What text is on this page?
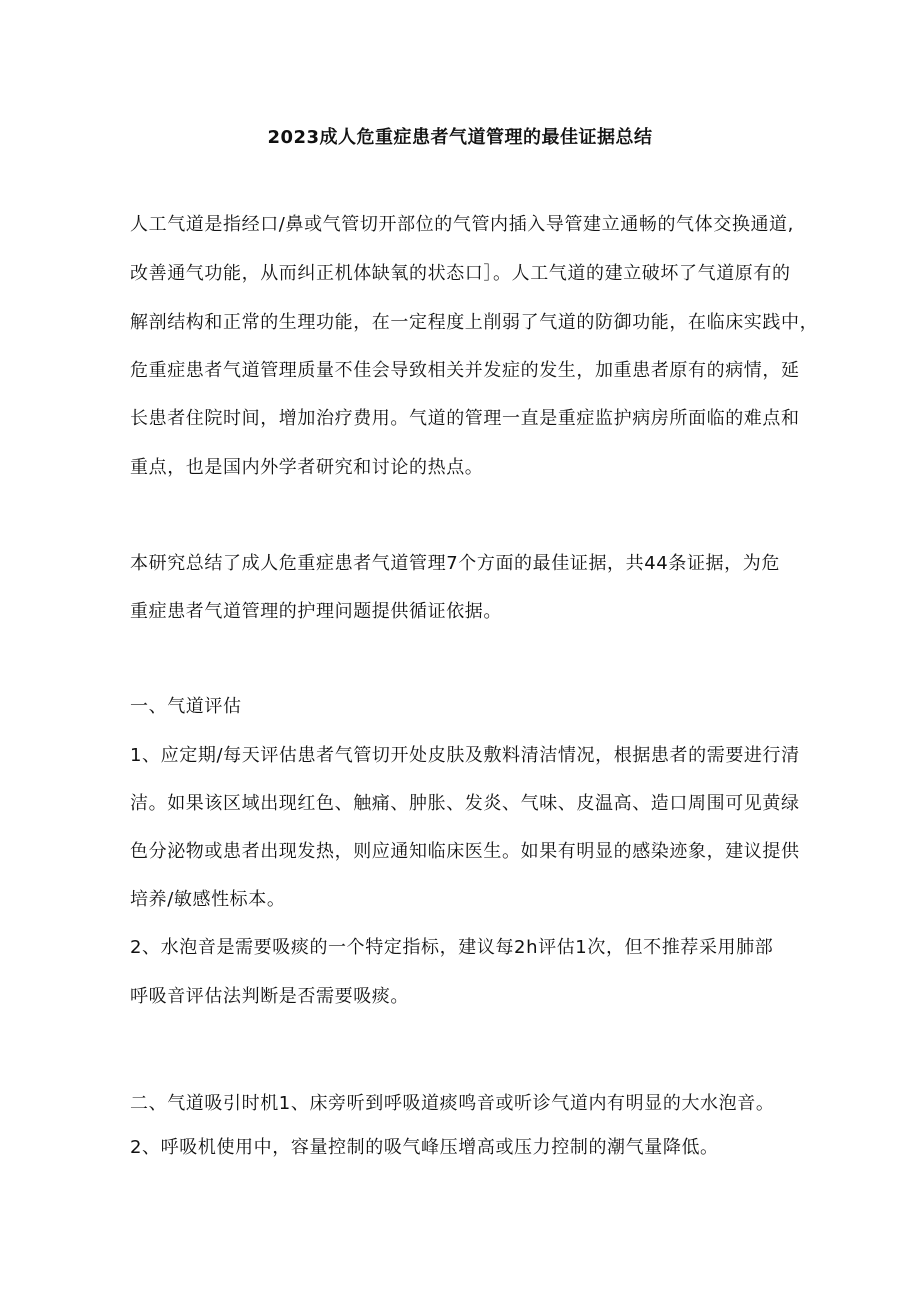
2023成人危重症患者气道管理的最佳证据总结
人工气道是指经口/鼻或气管切开部位的气管内插入导管建立通畅的气体交换通道,
改善通气功能，从而纠正机体缺氧的状态口］。人工气道的建立破坏了气道原有的
解剖结构和正常的生理功能，在一定程度上削弱了气道的防御功能，在临床实践中，
危重症患者气道管理质量不佳会导致相关并发症的发生，加重患者原有的病情，延
长患者住院时间，增加治疗费用。气道的管理一直是重症监护病房所面临的难点和
重点，也是国内外学者研究和讨论的热点。
本研究总结了成人危重症患者气道管理7个方面的最佳证据，共44条证据，为危
重症患者气道管理的护理问题提供循证依据。
一、气道评估
1、应定期/每天评估患者气管切开处皮肤及敷料清洁情况，根据患者的需要进行清
洁。如果该区域出现红色、触痛、肿胀、发炎、气味、皮温高、造口周围可见黄绿
色分泌物或患者出现发热，则应通知临床医生。如果有明显的感染迹象，建议提供
培养/敏感性标本。
2、水泡音是需要吸痰的一个特定指标，建议每2h评估1次，但不推荐采用肺部
呼吸音评估法判断是否需要吸痰。
二、气道吸引时机1、床旁听到呼吸道痰鸣音或听诊气道内有明显的大水泡音。
2、呼吸机使用中，容量控制的吸气峰压增高或压力控制的潮气量降低。
